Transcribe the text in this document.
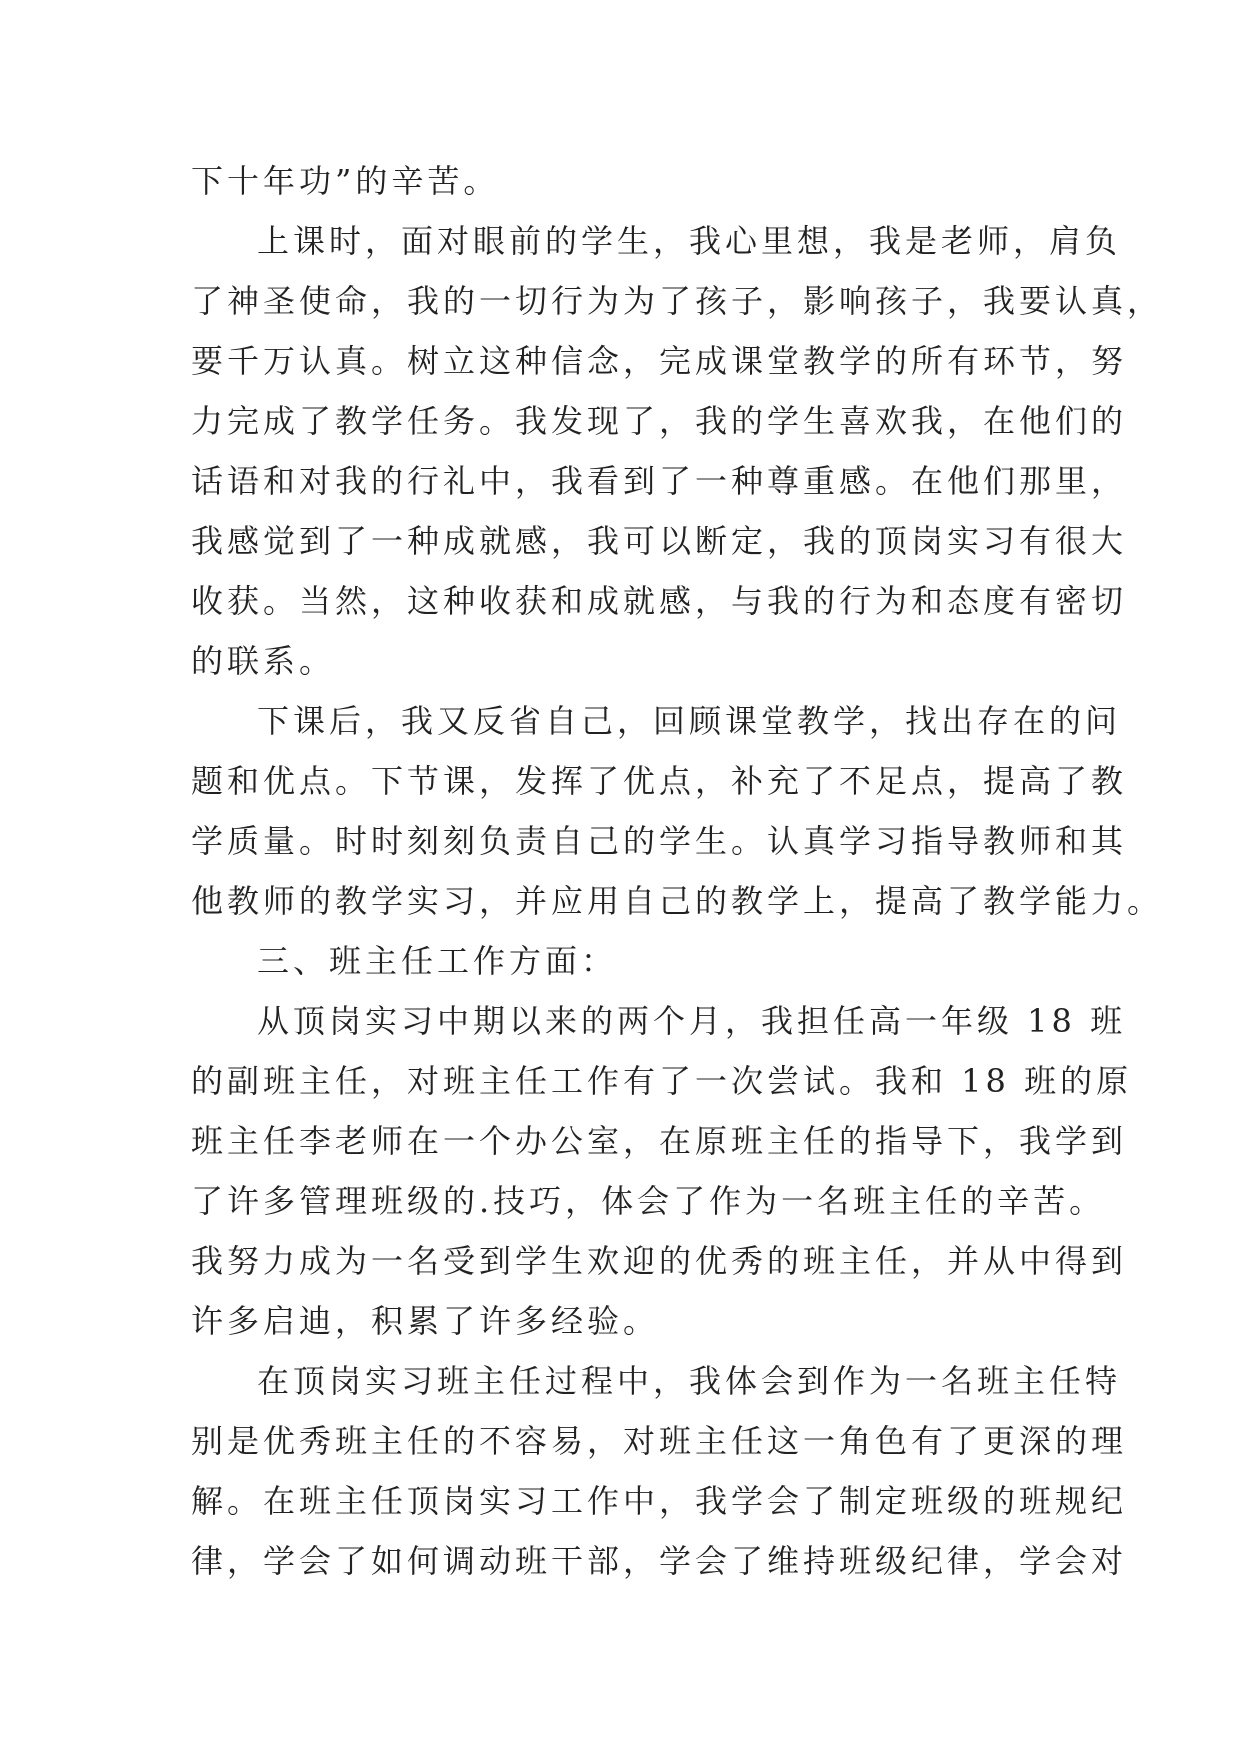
下十年功”的辛苦。
上课时，面对眼前的学生，我心里想，我是老师，肩负
了神圣使命，我的一切行为为了孩子，影响孩子，我要认真，
要千万认真。树立这种信念，完成课堂教学的所有环节，努
力完成了教学任务。我发现了，我的学生喜欢我，在他们的
话语和对我的行礼中，我看到了一种尊重感。在他们那里，
我感觉到了一种成就感，我可以断定，我的顶岗实习有很大
收获。当然，这种收获和成就感，与我的行为和态度有密切
的联系。
下课后，我又反省自己，回顾课堂教学，找出存在的问
题和优点。下节课，发挥了优点，补充了不足点，提高了教
学质量。时时刻刻负责自己的学生。认真学习指导教师和其
他教师的教学实习，并应用自己的教学上，提高了教学能力。
三、班主任工作方面：
从顶岗实习中期以来的两个月，我担任高一年级 18 班
的副班主任，对班主任工作有了一次尝试。我和 18 班的原
班主任李老师在一个办公室，在原班主任的指导下，我学到
了许多管理班级的.技巧，体会了作为一名班主任的辛苦。
我努力成为一名受到学生欢迎的优秀的班主任，并从中得到
许多启迪，积累了许多经验。
在顶岗实习班主任过程中，我体会到作为一名班主任特
别是优秀班主任的不容易，对班主任这一角色有了更深的理
解。在班主任顶岗实习工作中，我学会了制定班级的班规纪
律，学会了如何调动班干部，学会了维持班级纪律，学会对
